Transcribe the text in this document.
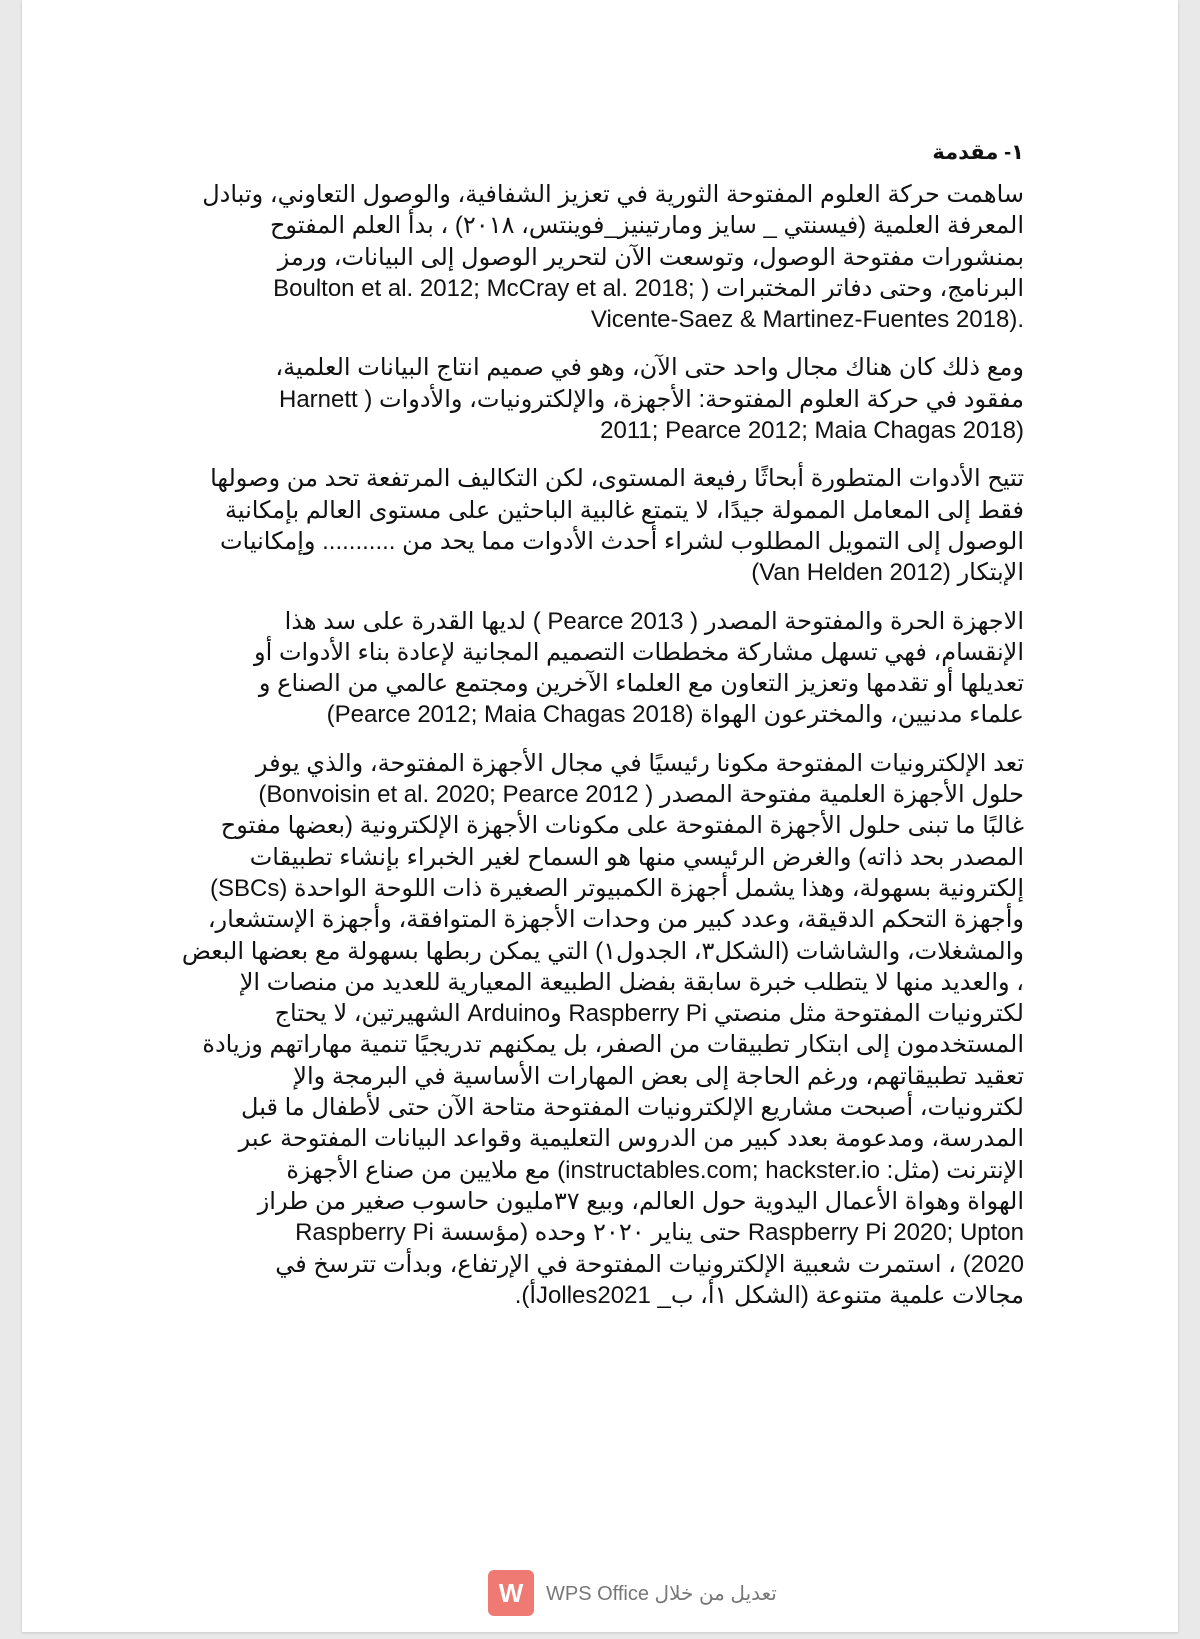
١- مقدمة
ساهمت حركة العلوم المفتوحة الثورية في تعزيز الشفافية، والوصول التعاوني، وتبادل
المعرفة العلمية (فيسنتي _ سايز ومارتينيز_فوينتس، ٢٠١٨) ، بدأ العلم المفتوح
بمنشورات مفتوحة الوصول، وتوسعت الآن لتحرير الوصول إلى البيانات، ورمز
البرنامج، وحتى دفاتر المختبرات ( ;Boulton et al. 2012; McCray et al. 2018
Vicente-Saez & Martinez-Fuentes 2018).
ومع ذلك كان هناك مجال واحد حتى الآن، وهو في صميم انتاج البيانات العلمية،
مفقود في حركة العلوم المفتوحة: الأجهزة، والإلكترونيات، والأدوات ( Harnett
2011; Pearce 2012; Maia Chagas 2018)
تتيح الأدوات المتطورة أبحاثًا رفيعة المستوى، لكن التكاليف المرتفعة تحد من وصولها
فقط إلى المعامل الممولة جيدًا، لا يتمتع غالبية الباحثين على مستوى العالم بإمكانية
الوصول إلى التمويل المطلوب لشراء أحدث الأدوات مما يحد من ........... وإمكانيات
الإبتكار (Van Helden 2012)
الاجهزة الحرة والمفتوحة المصدر ( Pearce 2013 ) لديها القدرة على سد هذا
الإنقسام، فهي تسهل مشاركة مخططات التصميم المجانية لإعادة بناء الأدوات أو
تعديلها أو تقدمها وتعزيز التعاون مع العلماء الآخرين ومجتمع عالمي من الصناع و
علماء مدنيين، والمخترعون الهواة (Pearce 2012; Maia Chagas 2018)
تعد الإلكترونيات المفتوحة مكونا رئيسيًا في مجال الأجهزة المفتوحة، والذي يوفر
حلول الأجهزة العلمية مفتوحة المصدر ( Bonvoisin et al. 2020; Pearce 2012)
غالبًا ما تبنى حلول الأجهزة المفتوحة على مكونات الأجهزة الإلكترونية (بعضها مفتوح
المصدر بحد ذاته) والغرض الرئيسي منها هو السماح لغير الخبراء بإنشاء تطبيقات
إلكترونية بسهولة، وهذا يشمل أجهزة الكمبيوتر الصغيرة ذات اللوحة الواحدة (SBCs)
وأجهزة التحكم الدقيقة، وعدد كبير من وحدات الأجهزة المتوافقة، وأجهزة الإستشعار،
والمشغلات، والشاشات (الشكل٣، الجدول١) التي يمكن ربطها بسهولة مع بعضها البعض
، والعديد منها لا يتطلب خبرة سابقة بفضل الطبيعة المعيارية للعديد من منصات الإ
لكترونيات المفتوحة مثل منصتي Raspberry Pi وArduino الشهيرتين، لا يحتاج
المستخدمون إلى ابتكار تطبيقات من الصفر، بل يمكنهم تدريجيًا تنمية مهاراتهم وزيادة
تعقيد تطبيقاتهم، ورغم الحاجة إلى بعض المهارات الأساسية في البرمجة والإ
لكترونيات، أصبحت مشاريع الإلكترونيات المفتوحة متاحة الآن حتى لأطفال ما قبل
المدرسة، ومدعومة بعدد كبير من الدروس التعليمية وقواعد البيانات المفتوحة عبر
الإنترنت (مثل: instructables.com; hackster.io) مع ملايين من صناع الأجهزة
الهواة وهواة الأعمال اليدوية حول العالم، وبيع ٣٧مليون حاسوب صغير من طراز
Raspberry Pi حتى يناير ٢٠٢٠ وحده (مؤسسة Raspberry Pi 2020; Upton
2020) ، استمرت شعبية الإلكترونيات المفتوحة في الإرتفاع، وبدأت تترسخ في
مجالات علمية متنوعة (الشكل ١أ، ب_ Jolles2021أ).
W	تعديل من خلال WPS Office
